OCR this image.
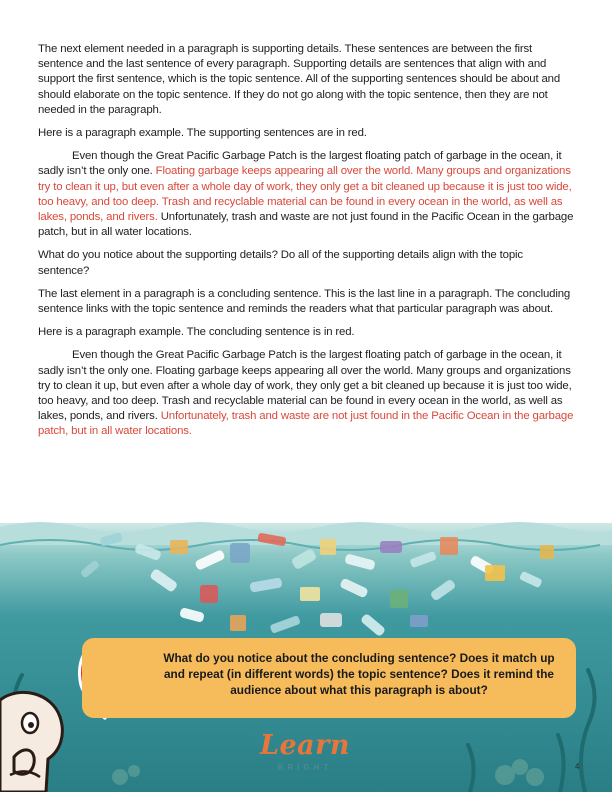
The next element needed in a paragraph is supporting details. These sentences are between the first sentence and the last sentence of every paragraph. Supporting details are sentences that align with and support the first sentence, which is the topic sentence. All of the supporting sentences should be about and should elaborate on the topic sentence. If they do not go along with the topic sentence, then they are not needed in the paragraph.

Here is a paragraph example. The supporting sentences are in red.

Even though the Great Pacific Garbage Patch is the largest floating patch of garbage in the ocean, it sadly isn’t the only one. Floating garbage keeps appearing all over the world. Many groups and organizations try to clean it up, but even after a whole day of work, they only get a bit cleaned up because it is just too wide, too heavy, and too deep. Trash and recyclable material can be found in every ocean in the world, as well as lakes, ponds, and rivers. Unfortunately, trash and waste are not just found in the Pacific Ocean in the garbage patch, but in all water locations.

What do you notice about the supporting details? Do all of the supporting details align with the topic sentence?

The last element in a paragraph is a concluding sentence. This is the last line in a paragraph. The concluding sentence links with the topic sentence and reminds the readers what that particular paragraph was about.

Here is a paragraph example. The concluding sentence is in red.

Even though the Great Pacific Garbage Patch is the largest floating patch of garbage in the ocean, it sadly isn’t the only one. Floating garbage keeps appearing all over the world. Many groups and organizations try to clean it up, but even after a whole day of work, they only get a bit cleaned up because it is just too wide, too heavy, and too deep. Trash and recyclable material can be found in every ocean in the world, as well as lakes, ponds, and rivers. Unfortunately, trash and waste are not just found in the Pacific Ocean in the garbage patch, but in all water locations.

What do you notice about the concluding sentence? Does it match up and repeat (in different words) the topic sentence? Does it remind the audience about what this paragraph is about?
Learn
BRIGHT	4
